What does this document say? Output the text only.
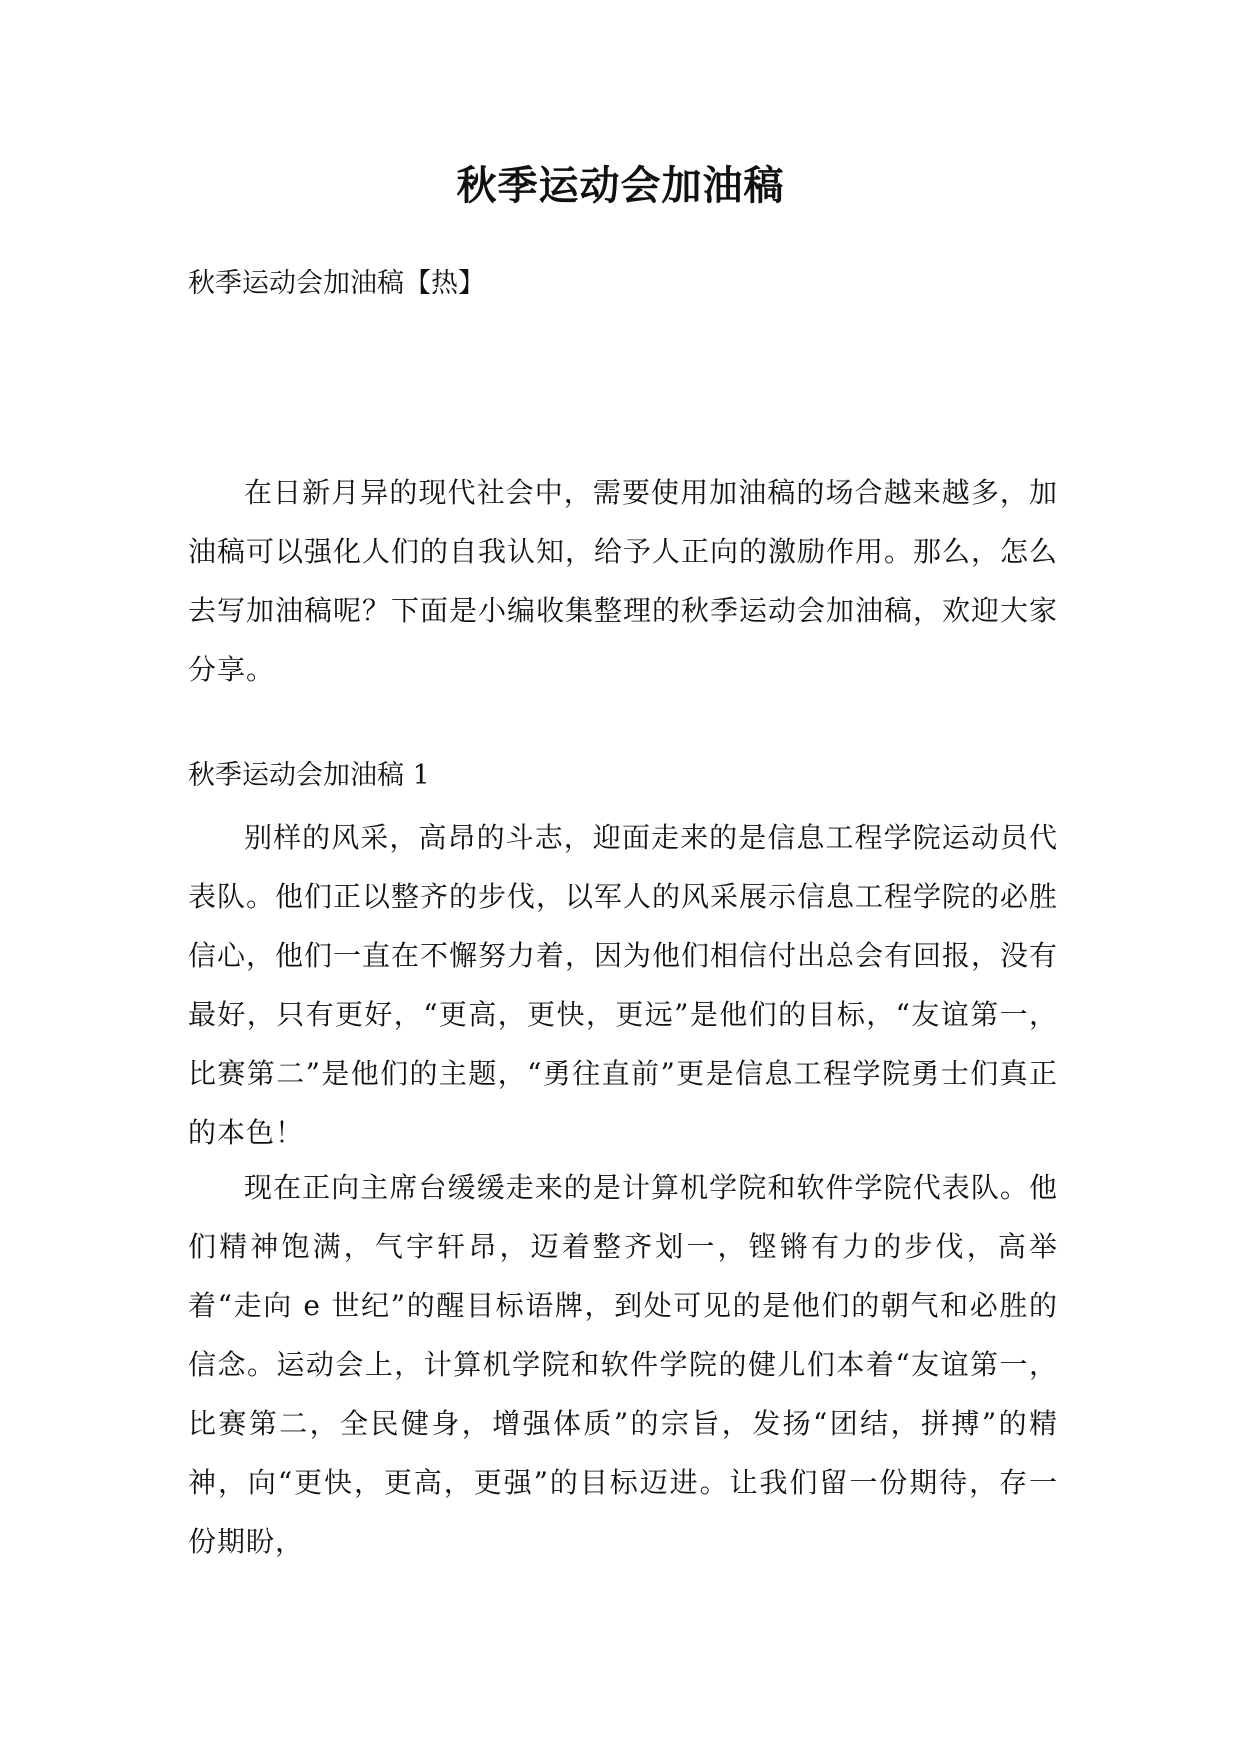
秋季运动会加油稿

秋季运动会加油稿【热】

在日新月异的现代社会中，需要使用加油稿的场合越来越多，加油稿可以强化人们的自我认知，给予人正向的激励作用。那么，怎么去写加油稿呢？下面是小编收集整理的秋季运动会加油稿，欢迎大家分享。

秋季运动会加油稿 1

别样的风采，高昂的斗志，迎面走来的是信息工程学院运动员代表队。他们正以整齐的步伐，以军人的风采展示信息工程学院的必胜信心，他们一直在不懈努力着，因为他们相信付出总会有回报，没有最好，只有更好，“更高，更快，更远”是他们的目标，“友谊第一，比赛第二”是他们的主题，“勇往直前”更是信息工程学院勇士们真正的本色！

现在正向主席台缓缓走来的是计算机学院和软件学院代表队。他们精神饱满，气宇轩昂，迈着整齐划一，铿锵有力的步伐，高举着“走向 e 世纪”的醒目标语牌，到处可见的是他们的朝气和必胜的信念。运动会上，计算机学院和软件学院的健儿们本着“友谊第一，比赛第二，全民健身，增强体质”的宗旨，发扬“团结，拼搏”的精神，向“更快，更高，更强”的目标迈进。让我们留一份期待，存一份期盼，
